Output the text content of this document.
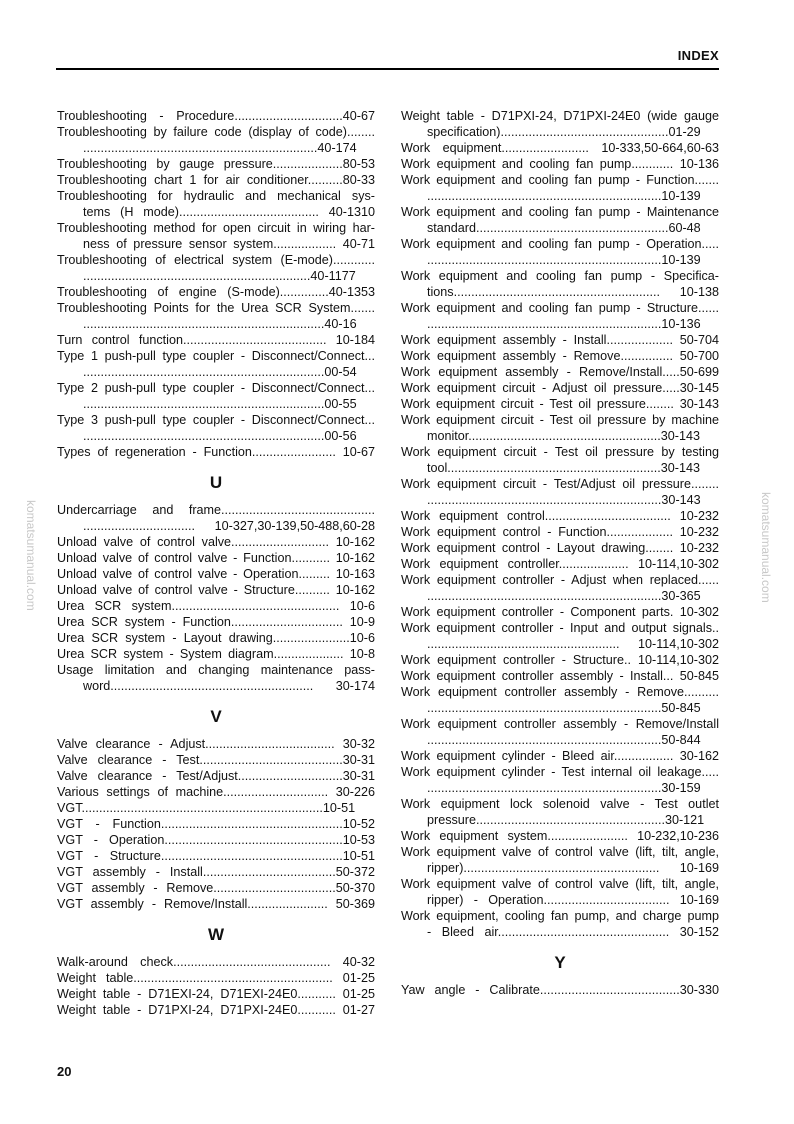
INDEX
Troubleshooting - Procedure...............................40-67
Troubleshooting by failure code (display of code)........
...................................................................40-174
Troubleshooting by gauge pressure....................80-53
Troubleshooting chart 1 for air conditioner..........80-33
Troubleshooting for hydraulic and mechanical sys-
tems (H mode)........................................ 40-1310
Troubleshooting method for open circuit in wiring har-
ness of pressure sensor system.................. 40-71
Troubleshooting of electrical system (E-mode)............
.................................................................40-1177
Troubleshooting of engine (S-mode)..............40-1353
Troubleshooting Points for the Urea SCR System.......
.....................................................................40-16
Turn control function......................................... 10-184
Type 1 push-pull type coupler - Disconnect/Connect...
.....................................................................00-54
Type 2 push-pull type coupler - Disconnect/Connect...
.....................................................................00-55
Type 3 push-pull type coupler - Disconnect/Connect...
.....................................................................00-56
Types of regeneration - Function........................ 10-67
U
Undercarriage and frame............................................
................................ 10-327,30-139,50-488,60-28
Unload valve of control valve............................ 10-162
Unload valve of control valve - Function........... 10-162
Unload valve of control valve - Operation......... 10-163
Unload valve of control valve - Structure.......... 10-162
Urea SCR system................................................ 10-6
Urea SCR system - Function................................ 10-9
Urea SCR system - Layout drawing......................10-6
Urea SCR system - System diagram.................... 10-8
Usage limitation and changing maintenance pass-
word.......................................................... 30-174
V
Valve clearance - Adjust..................................... 30-32
Valve clearance - Test.........................................30-31
Valve clearance - Test/Adjust..............................30-31
Various settings of machine.............................. 30-226
VGT.....................................................................10-51
VGT - Function....................................................10-52
VGT - Operation...................................................10-53
VGT - Structure....................................................10-51
VGT assembly - Install......................................50-372
VGT assembly - Remove...................................50-370
VGT assembly - Remove/Install....................... 50-369
W
Walk-around check............................................. 40-32
Weight table......................................................... 01-25
Weight table - D71EXI-24, D71EXI-24E0........... 01-25
Weight table - D71PXI-24, D71PXI-24E0........... 01-27
Weight table - D71PXI-24, D71PXI-24E0 (wide gauge
specification)................................................01-29
Work equipment......................... 10-333,50-664,60-63
Work equipment and cooling fan pump............ 10-136
Work equipment and cooling fan pump - Function.......
...................................................................10-139
Work equipment and cooling fan pump - Maintenance
standard.......................................................60-48
Work equipment and cooling fan pump - Operation.....
...................................................................10-139
Work equipment and cooling fan pump - Specifica-
tions........................................................... 10-138
Work equipment and cooling fan pump - Structure......
...................................................................10-136
Work equipment assembly - Install................... 50-704
Work equipment assembly - Remove............... 50-700
Work equipment assembly - Remove/Install.....50-699
Work equipment circuit - Adjust oil pressure.....30-145
Work equipment circuit - Test oil pressure........ 30-143
Work equipment circuit - Test oil pressure by machine
monitor.......................................................30-143
Work equipment circuit - Test oil pressure by testing
tool.............................................................30-143
Work equipment circuit - Test/Adjust oil pressure........
...................................................................30-143
Work equipment control.................................... 10-232
Work equipment control - Function................... 10-232
Work equipment control - Layout drawing........ 10-232
Work equipment controller.................... 10-114,10-302
Work equipment controller - Adjust when replaced......
...................................................................30-365
Work equipment controller - Component parts. 10-302
Work equipment controller - Input and output signals..
....................................................... 10-114,10-302
Work equipment controller - Structure.. 10-114,10-302
Work equipment controller assembly - Install... 50-845
Work equipment controller assembly - Remove..........
...................................................................50-845
Work equipment controller assembly - Remove/Install
...................................................................50-844
Work equipment cylinder - Bleed air................. 30-162
Work equipment cylinder - Test internal oil leakage.....
...................................................................30-159
Work equipment lock solenoid valve - Test outlet
pressure......................................................30-121
Work equipment system....................... 10-232,10-236
Work equipment valve of control valve (lift, tilt, angle,
ripper)........................................................ 10-169
Work equipment valve of control valve (lift, tilt, angle,
ripper) - Operation.................................... 10-169
Work equipment, cooling fan pump, and charge pump
- Bleed air................................................. 30-152
Y
Yaw angle - Calibrate........................................30-330
komatsumanual.com	komatsumanual.com
20
